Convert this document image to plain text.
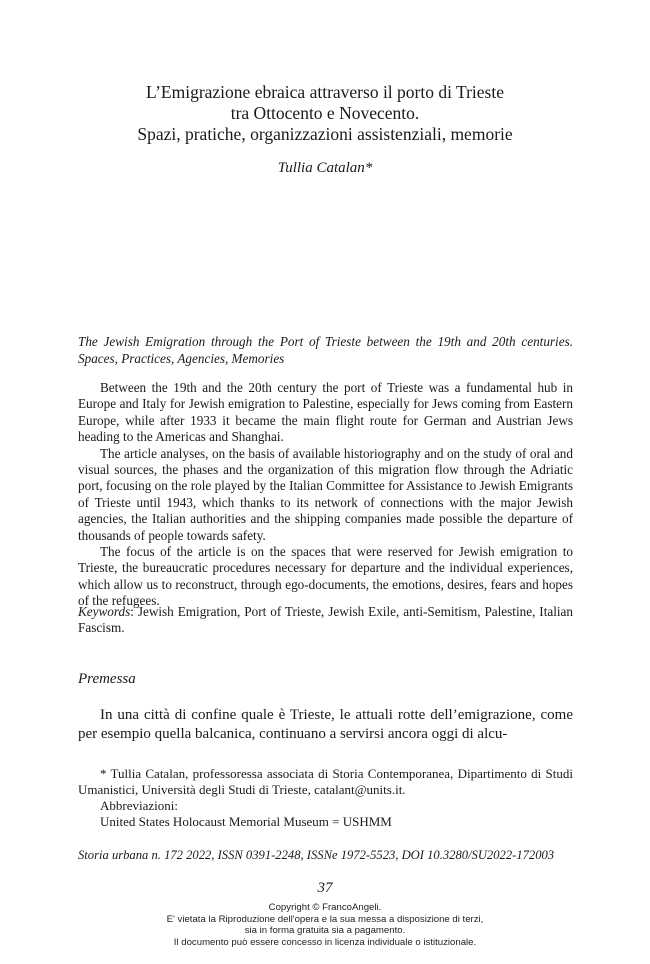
L’Emigrazione ebraica attraverso il porto di Trieste
tra Ottocento e Novecento.
Spazi, pratiche, organizzazioni assistenziali, memorie
Tullia Catalan*
The Jewish Emigration through the Port of Trieste between the 19th and 20th centuries. Spaces, Practices, Agencies, Memories

Between the 19th and the 20th century the port of Trieste was a fundamental hub in Europe and Italy for Jewish emigration to Palestine, especially for Jews coming from Eastern Europe, while after 1933 it became the main flight route for German and Austrian Jews heading to the Americas and Shanghai.

The article analyses, on the basis of available historiography and on the study of oral and visual sources, the phases and the organization of this migration flow through the Adriatic port, focusing on the role played by the Italian Committee for Assistance to Jewish Emigrants of Trieste until 1943, which thanks to its network of connections with the major Jewish agencies, the Italian authorities and the shipping companies made possible the departure of thousands of people towards safety.

The focus of the article is on the spaces that were reserved for Jewish emigration to Trieste, the bureaucratic procedures necessary for departure and the individual experiences, which allow us to reconstruct, through ego-documents, the emotions, desires, fears and hopes of the refugees.

Keywords: Jewish Emigration, Port of Trieste, Jewish Exile, anti-Semitism, Palestine, Italian Fascism.
Premessa

In una città di confine quale è Trieste, le attuali rotte dell’emigrazione, come per esempio quella balcanica, continuano a servirsi ancora oggi di alcu-

* Tullia Catalan, professoressa associata di Storia Contemporanea, Dipartimento di Studi Umanistici, Università degli Studi di Trieste, catalant@units.it.

Abbreviazioni:

United States Holocaust Memorial Museum = USHMM

Storia urbana n. 172 2022, ISSN 0391-2248, ISSNe 1972-5523, DOI 10.3280/SU2022-172003
37
Copyright © FrancoAngeli.
E' vietata la Riproduzione dell'opera e la sua messa a disposizione di terzi,
sia in forma gratuita sia a pagamento.
Il documento può essere concesso in licenza individuale o istituzionale.
